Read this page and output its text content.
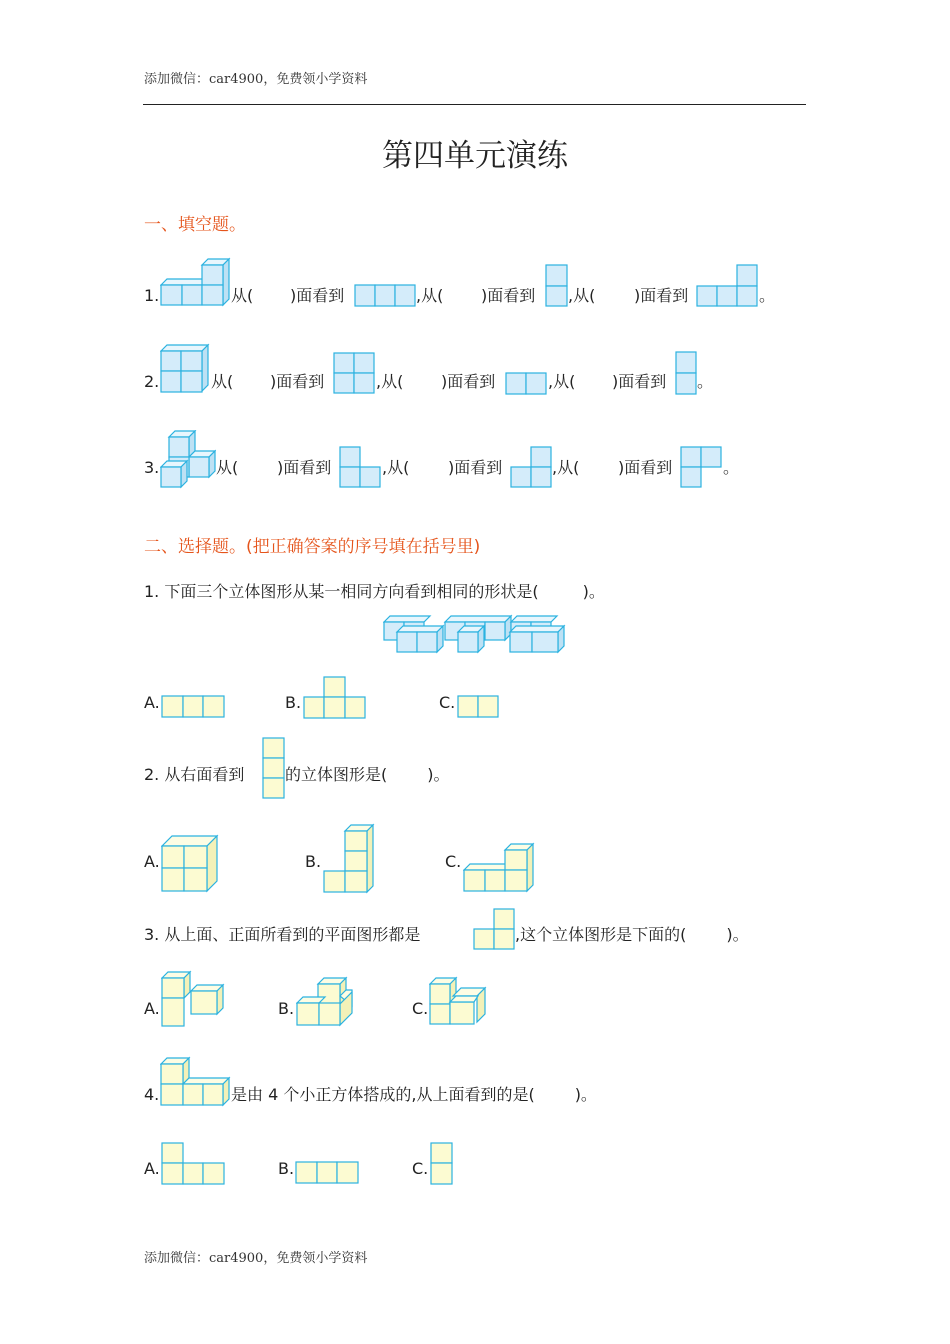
添加微信：car4900，免费领小学资料
第四单元演练
一、填空题。
1.	从( )面看到	,从( )面看到 ,从( )面看到	。
2.	从( )面看到	,从( )面看到	,从( )面看到 。
3.	从( )面看到	,从( )面看到	,从( )面看到	。
二、选择题。(把正确答案的序号填在括号里)
1. 下面三个立体图形从某一相同方向看到相同的形状是(	)。
A.	B.	C.
2. 从右面看到	的立体图形是(	)。
A.	B.	C.
3. 从上面、正面所看到的平面图形都是	,这个立体图形是下面的(	)。
A.	B.	C.
4.	是由 4 个小正方体搭成的,从上面看到的是(	)。
A.	B.	C.
添加微信：car4900，免费领小学资料
